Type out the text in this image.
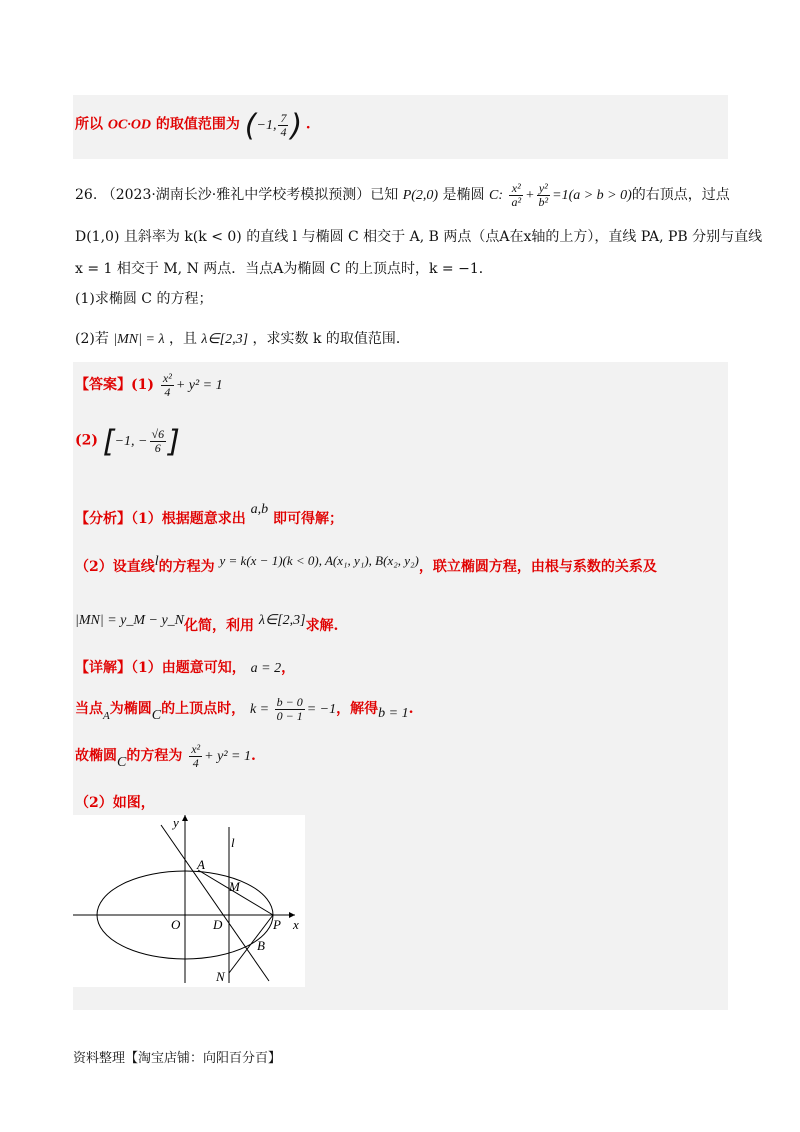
所以 OC·OD 的取值范围为 (−1, $\frac{7}{4}$ ) .
26. （2023·湖南长沙·雅礼中学校考模拟预测）已知 P(2,0) 是椭圆 C: $\frac{\text{x²}}{\text{a²}} + \frac{\text{y²}}{\text{b²}} =1(a > b > 0)$的右顶点，过点
D(1,0) 且斜率为 k(k < 0) 的直线 l 与椭圆 C 相交于 A, B 两点（点A在x轴的上方），直线 PA, PB 分别与直线
x = 1 相交于 M, N 两点．当点A为椭圆 C 的上顶点时，k = −1．
(1)求椭圆 C 的方程；
(2)若 |MN| = λ ，且 λ∈[2,3] ，求实数 k 的取值范围．
【答案】$(1) \frac{\text{x²}}{4} + y^2 = 1$
(2) [−1, − $\frac{√6}{6}$ ]
【分析】（1）根据题意求出 a,b 即可得解；
（2）设直线l的方程为 y = k(x − 1)(k < 0), A(x₁, y₁), B(x₂, y₂)，联立椭圆方程，由根与系数的关系及
|MN| = y_M − y_N化简，利用 λ∈[2,3]求解.
【详解】（1）由题意可知， a = 2，
当点$_A$为椭圆C的上顶点时， $k = \frac{b - 0}{0 - 1} = -1$，解得b = 1.
故椭圆C的方程为 $\frac{\text{x²}}{4} + y^2 = 1$.
（2）如图，
y
l
A
M
O	D	P x
B
N
资料整理【淘宝店铺：向阳百分百】
